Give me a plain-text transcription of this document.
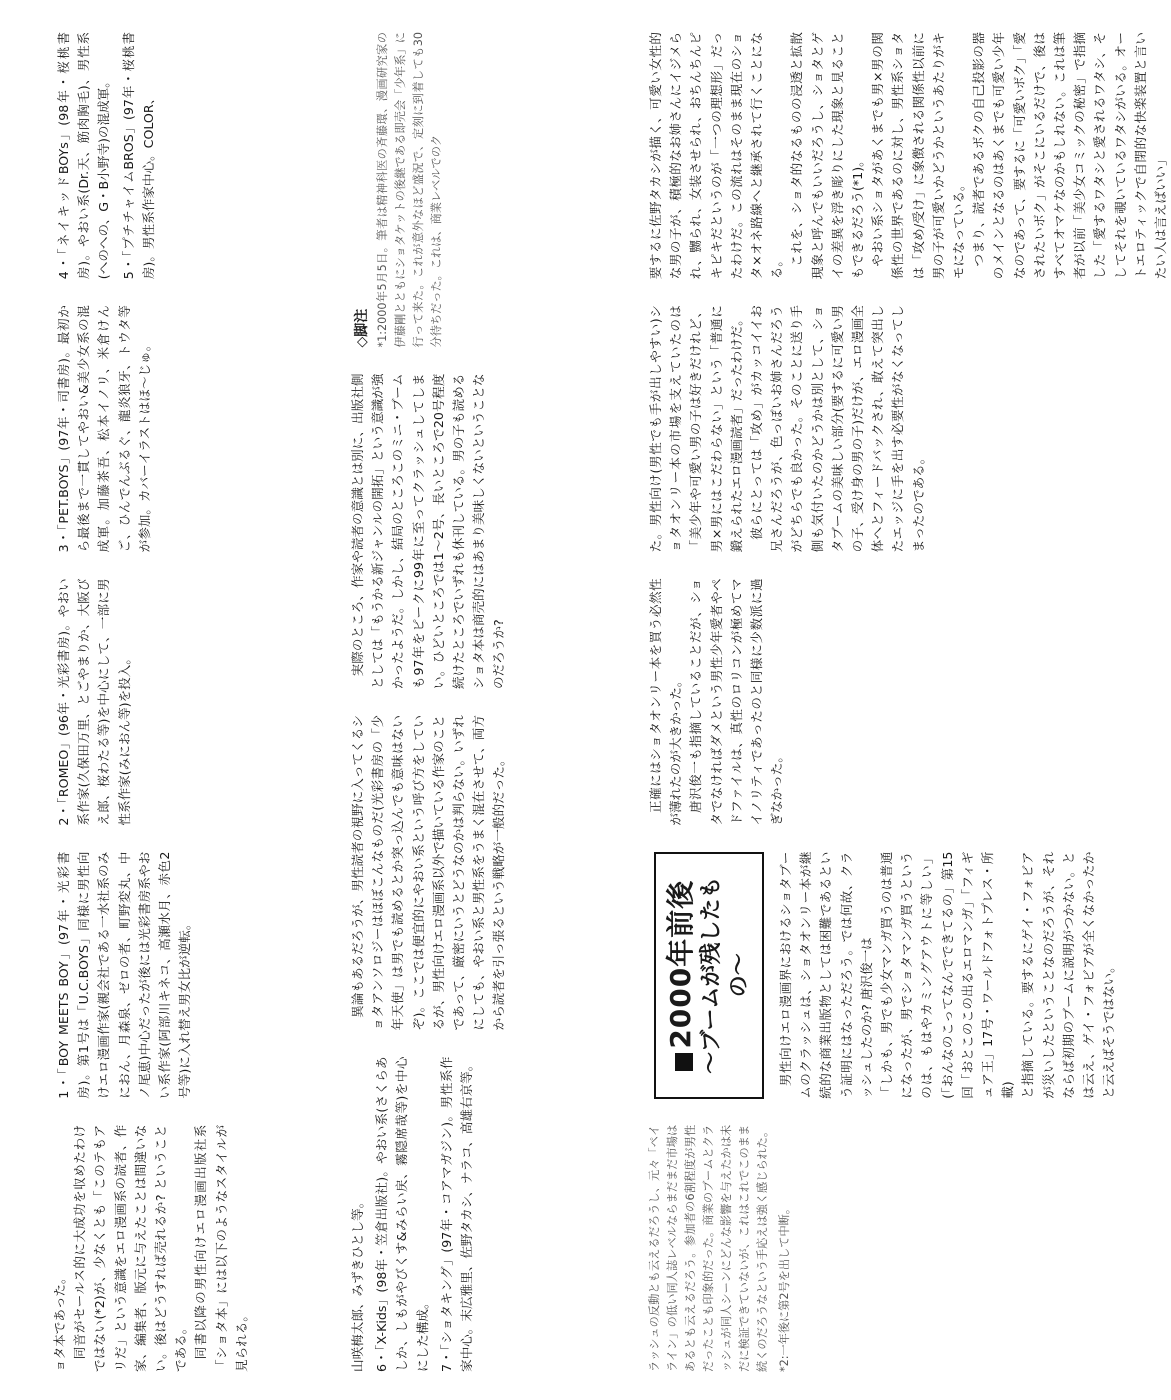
ョタ本であった。 同音がセールス的に大成功を収めたわけではない(*2)が、少なくとも「このテもアリだ」という意識をエロ漫画系の読者、作家、編集者、版元に与えたことは間違いない。後はどうすれば売れるか? ということである。 同書以降の男性向けエロ漫画出版社系「ショタ本」には以下のようなスタイルが見られる。

1・「BOY MEETS BOY」(97年・光彩書房)。第1号は「U.C.BOYS」同様に男性向けエロ漫画作家(親会社である一水社系のみにおん、月森泉、ゼロの者、町野変丸、中ノ尾恵)中心だったが後には光彩書房系やおい系作家(阿部川キネコ、高瀬水月、赤色2号等)に入れ替え男女比が逆転。

2・「ROMEO」(96年・光彩書房)。やおい系作家(久保田万里、とごやまりか、大阪びえ郎、桜わたる等)を中心にして、一部に男性系作家(みにおん等)を投入。

3・「PET.BOYS」(97年・司書房)。最初から最後まで一貫してやおい&美少女系の混成軍。加藤茶吾、松本イノリ、米倉けんご、ひんでんぶるぐ、龍炎狼牙、トウタ等が参加。カバーイラストはほ〜じゅ。

4・「ネイキッドBOYs」(98年・桜桃書房)。やおい系(Dr.天、筋肉胸毛)、男性系(へのへの、G・B小野寺)の混成軍。 5・「プチチャイムBROS」(97年・桜桃書房)。男性系作家中心。COLOR、

山咲梅太郎、みずきひとし等。 6・「X-Kids」(98年・笠倉出版社)。やおい系(さくらあしか、しもがやびくす&みらい戻、霧隠席哉等)を中心にした構成。 7・「ショタキング」(97年・コアマガジン)。男性系作家中心。末広雅里、佐野タカシ、ナラコ、高雄右京等。

異論もあるだろうが、男性読者の視野に入ってくるショタアンソロジーはほぼこんなものだ(光彩書房の「少年天使」は男でも読めるとか突っ込んでも意味はないぞ)。ここでは便宜的にやおい系という呼び方をしているが、男性向けエロ漫画系以外で描いている作家のことであって、厳密にいうとどうなのかは判らない。いずれにしても、やおい系と男性系をうまく混在させて、両方から読者を引っ張るという戦略が一般的だった。

実際のところ、作家や読者の意識とは別に、出版社側としては「もうかる新ジャンルの開拓」という意識が強かったようだ。しかし、結局のところこのミニ・ブームも97年をピークに99年に至ってクラッシュしてしまい。ひどいところでは1〜2号、長いところで20号程度続けたところでいずれも休刊している。男の子も読めるショタ本は商売的にはあまり美味しくないということなのだろうか?

◇脚注 *1:2000年5月5日。筆者は精神科医の斉藤環、漫画研究家の伊藤剛とともにショタケットの後継である即売会「少年系」に行って来た。これが意外なほど盛況で、定刻に到着しても30分待ちだった。これは、商業レベルでのク

ラッシュの反動とも云えるだろうし、元々「ペイライン」の低い同人誌レベルならまだまだ市場はあるとも云えるだろう。参加者の6割程度が男性だったことも印象的だった。商業のブームとクラッシュが同人シーンにどんな影響を与えたかは未だに検証できていないが、これはこれでこのまま続くのだろうなという手応えは強く感じられた。 *2:一年後に第2号を出して中断。

2000年前後 〜ブームが残したもの〜 男性向けエロ漫画界におけるショタブームのクラッシュは、ショタオンリー本が継続的な商業出版物としては困難であるという証明にはなっただろう。では何故、クラッシュしたのか? 唐沢俊一は 「しかも、男でも少女マンガ買うのは普通になったが、男でショタマンガ買うというのは、もはやカミングアウトに等しい」(「おんなのこってなんでできてるの」第15回「おとこのこの出るエロマンガ」「フィギュア王」17号・ワールドフォトプレス・所載) と指摘している。要するにゲイ・フォビアが災いしたということなのだろうが、それならば初期のブームに説明がつかない。とは云え、ゲイ・フォビアが全くなかったかと云えばそうではない。

正確にはショタオンリー本を買う必然性が薄れたのが大きかった。 唐沢俊一も指摘していることだが、ショタでなければダメという男性少年愛者やペドファイルは、真性のロリコンが極めてマイノリティであったのと同様に少数派に過ぎなかった。

た。男性向け(男性でも手が出しやすい)ショタオンリー本の市場を支えていたのは「美少年や可愛い男の子は好きだけれど、男×男にはこだわらない」という「普通に鍛えられたエロ漫画読者」だったわけだ。 彼らにとっては「攻め」がカッコイイお兄さんだろうが、色っぽいお姉さんだろうがどちらでも良かった。そのことに送り手側も気付いたのかどうかは別として、ショタブームの美味しい部分(要するに可愛い男の子、受け身の男の子)だけが、エロ漫画全体へとフィードバックされ、敢えて突出したエッジに手を出す必要性がなくなってしまったのである。

要するに佐野タカシが描く、可愛い女性的な男の子が、積極的なお姉さんにイジメられ、嬲られ、女装させられ、おちんちんピキピキだというのが「一つの理想形」だったわけだ。この流れはそのまま現在のショタ×オネ路線へと継承されて行くことになる。 これを、ショタ的なるものの浸透と拡散現象と呼んでもいいだろうし、ショタとゲイの差異を浮き彫りにした現象と見ることもできるだろう(*1)。 やおい系ショタがあくまでも男×男の関係性の世界であるのに対し、男性系ショタは「攻め/受け」に象徴される関係性以前に男の子が可愛いかどうかというあたりがキモになっている。 つまり、読者であるボクの自己投影の器のメインとなるのはあくまでも可愛い少年なのであって、要するに「可愛いボク」「愛されたいボク」がそこにいるだけで、後はすべてオマケなのかもしれない。これは筆者が以前「美少女コミックの秘密」で指摘した「愛するワタシと愛されるワタシ、そしてそれを覗いているワタシがいる。オートエロティックで自閉的な快楽装置と言いたい人は言えばいい」
